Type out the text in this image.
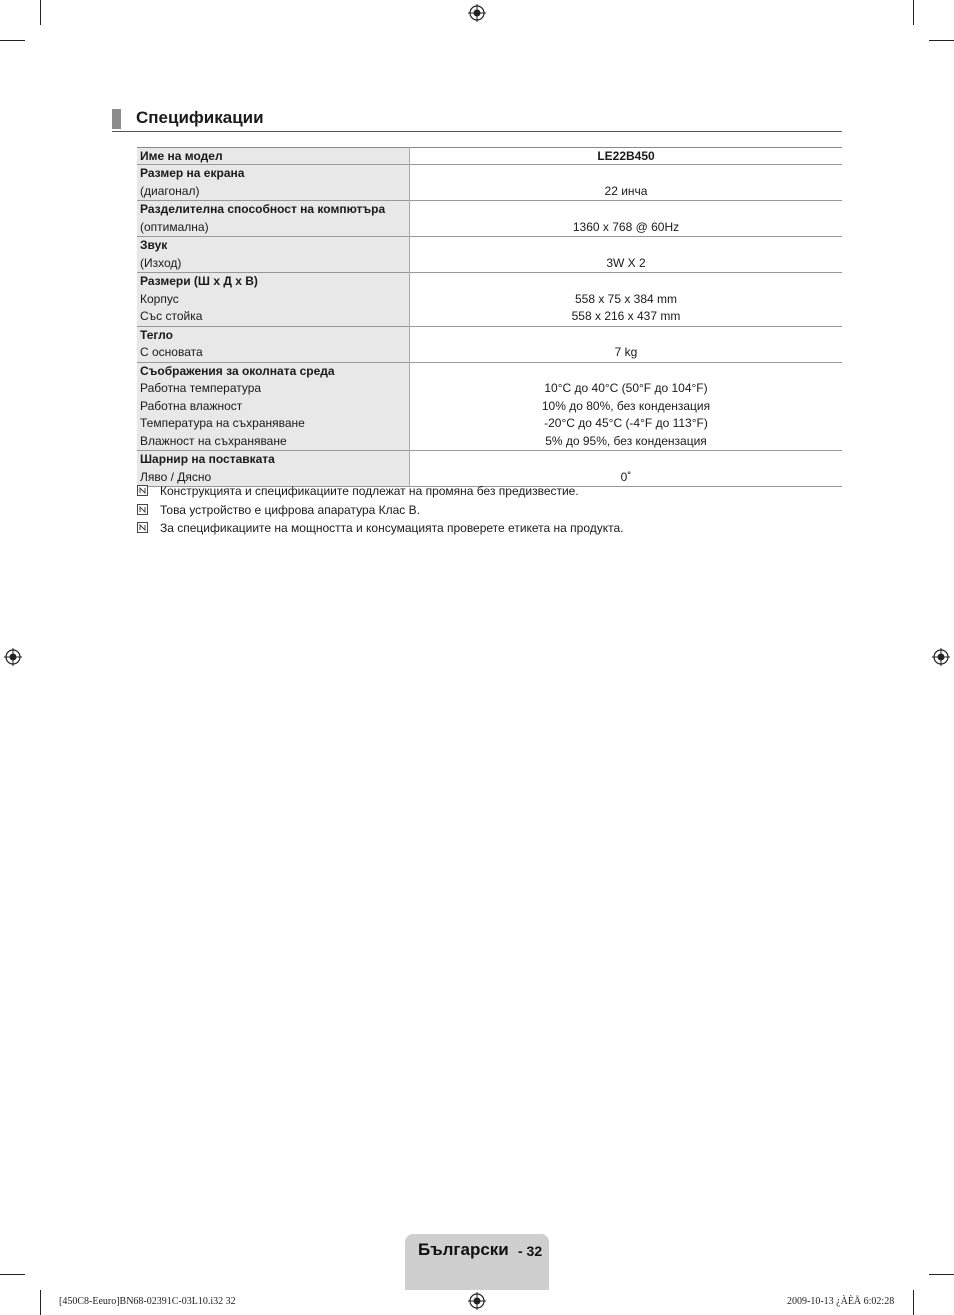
Спецификации
Име на модел	LE22B450
Размер на екрана	
(диагонал)	22 инча
Разделителна способност на компютъра	
(оптимална)	1360 x 768 @ 60Hz
Звук	
(Изход)	3W X 2
Размери (Ш x Д x В)	
Корпус	558 x 75 x 384 mm
Със стойка	558 x 216 x 437 mm
Тегло	
С основата	7 kg
Съображения за околната среда	
Работна температура	10°C до 40°C (50°F до 104°F)
Работна влажност	10% до 80%, без кондензация
Температура на съхраняване	-20°C до 45°C (-4°F до 113°F)
Влажност на съхраняване	5% до 95%, без кондензация
Шарнир на поставката	
Ляво / Дясно	0˚
Конструкцията и спецификациите подлежат на промяна без предизвестие.
Това устройство е цифрова апаратура Клас B.
За спецификациите на мощността и консумацията проверете етикета на продукта.
Български - 32
[450C8-Eeuro]BN68-02391C-03L10.i32 32	2009-10-13 ¿ÀÈÄ 6:02:28
